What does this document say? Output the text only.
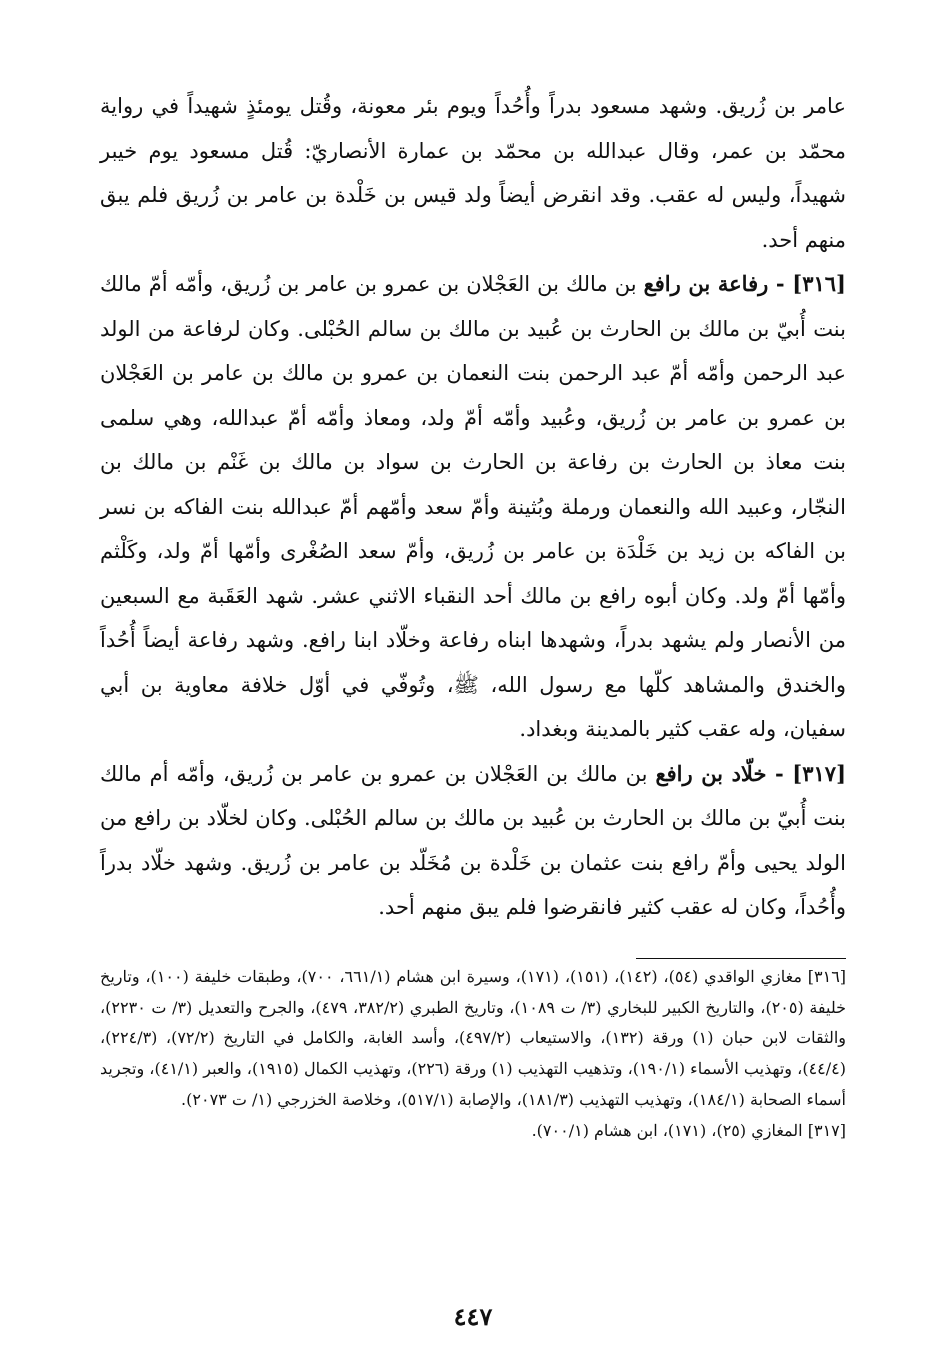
عامر بن زُريق. وشهد مسعود بدراً وأُحُداً ويوم بئر معونة، وقُتل يومئذٍ شهيداً في رواية محمّد بن عمر، وقال عبدالله بن محمّد بن عمارة الأنصاريّ: قُتل مسعود يوم خيبر شهيداً، وليس له عقب. وقد انقرض أيضاً ولد قيس بن خَلْدة بن عامر بن زُريق فلم يبق منهم أحد.

[٣١٦] - رفاعة بن رافع بن مالك بن العَجْلان بن عمرو بن عامر بن زُريق، وأمّه أمّ مالك بنت أُبيّ بن مالك بن الحارث بن عُبيد بن مالك بن سالم الحُبْلى. وكان لرفاعة من الولد عبد الرحمن وأمّه أمّ عبد الرحمن بنت النعمان بن عمرو بن مالك بن عامر بن العَجْلان بن عمرو بن عامر بن زُريق، وعُبيد وأمّه أمّ ولد، ومعاذ وأمّه أمّ عبدالله، وهي سلمى بنت معاذ بن الحارث بن رفاعة بن الحارث بن سواد بن مالك بن غَنْم بن مالك بن النجّار، وعبيد الله والنعمان ورملة وبُثينة وأمّ سعد وأمّهم أمّ عبدالله بنت الفاكه بن نسر بن الفاكه بن زيد بن خَلْدَة بن عامر بن زُريق، وأمّ سعد الصُغْرى وأمّها أمّ ولد، وكَلْثم وأمّها أمّ ولد. وكان أبوه رافع بن مالك أحد النقباء الاثني عشر. شهد العَقَبة مع السبعين من الأنصار ولم يشهد بدراً، وشهدها ابناه رفاعة وخلّاد ابنا رافع. وشهد رفاعة أيضاً أُحُداً والخندق والمشاهد كلّها مع رسول الله، ﷺ، وتُوفّي في أوّل خلافة معاوية بن أبي سفيان، وله عقب كثير بالمدينة وبغداد.

[٣١٧] - خلّاد بن رافع بن مالك بن العَجْلان بن عمرو بن عامر بن زُريق، وأمّه أم مالك بنت أُبيّ بن مالك بن الحارث بن عُبيد بن مالك بن سالم الحُبْلى. وكان لخلّاد بن رافع من الولد يحيى وأمّ رافع بنت عثمان بن خَلْدة بن مُخَلّد بن عامر بن زُريق. وشهد خلّاد بدراً وأُحُداً، وكان له عقب كثير فانقرضوا فلم يبق منهم أحد.

[٣١٦] مغازي الواقدي (٥٤)، (١٤٢)، (١٥١)، (١٧١)، وسيرة ابن هشام (٦٦١/١، ٧٠٠)، وطبقات خليفة (١٠٠)، وتاريخ خليفة (٢٠٥)، والتاريخ الكبير للبخاري (٣/ ت ١٠٨٩)، وتاريخ الطبري (٣٨٢/٢، ٤٧٩)، والجرح والتعديل (٣/ ت ٢٢٣٠)، والثقات لابن حبان (١) ورقة (١٣٢)، والاستيعاب (٤٩٧/٢)، وأسد الغابة، والكامل في التاريخ (٧٢/٢)، (٢٢٤/٣)، (٤٤/٤)، وتهذيب الأسماء (١٩٠/١)، وتذهيب التهذيب (١) ورقة (٢٢٦)، وتهذيب الكمال (١٩١٥)، والعبر (٤١/١)، وتجريد أسماء الصحابة (١٨٤/١)، وتهذيب التهذيب (١٨١/٣)، والإصابة (٥١٧/١)، وخلاصة الخزرجي (١/ ت ٢٠٧٣).

[٣١٧] المغازي (٢٥)، (١٧١)، ابن هشام (٧٠٠/١).

٤٤٧
